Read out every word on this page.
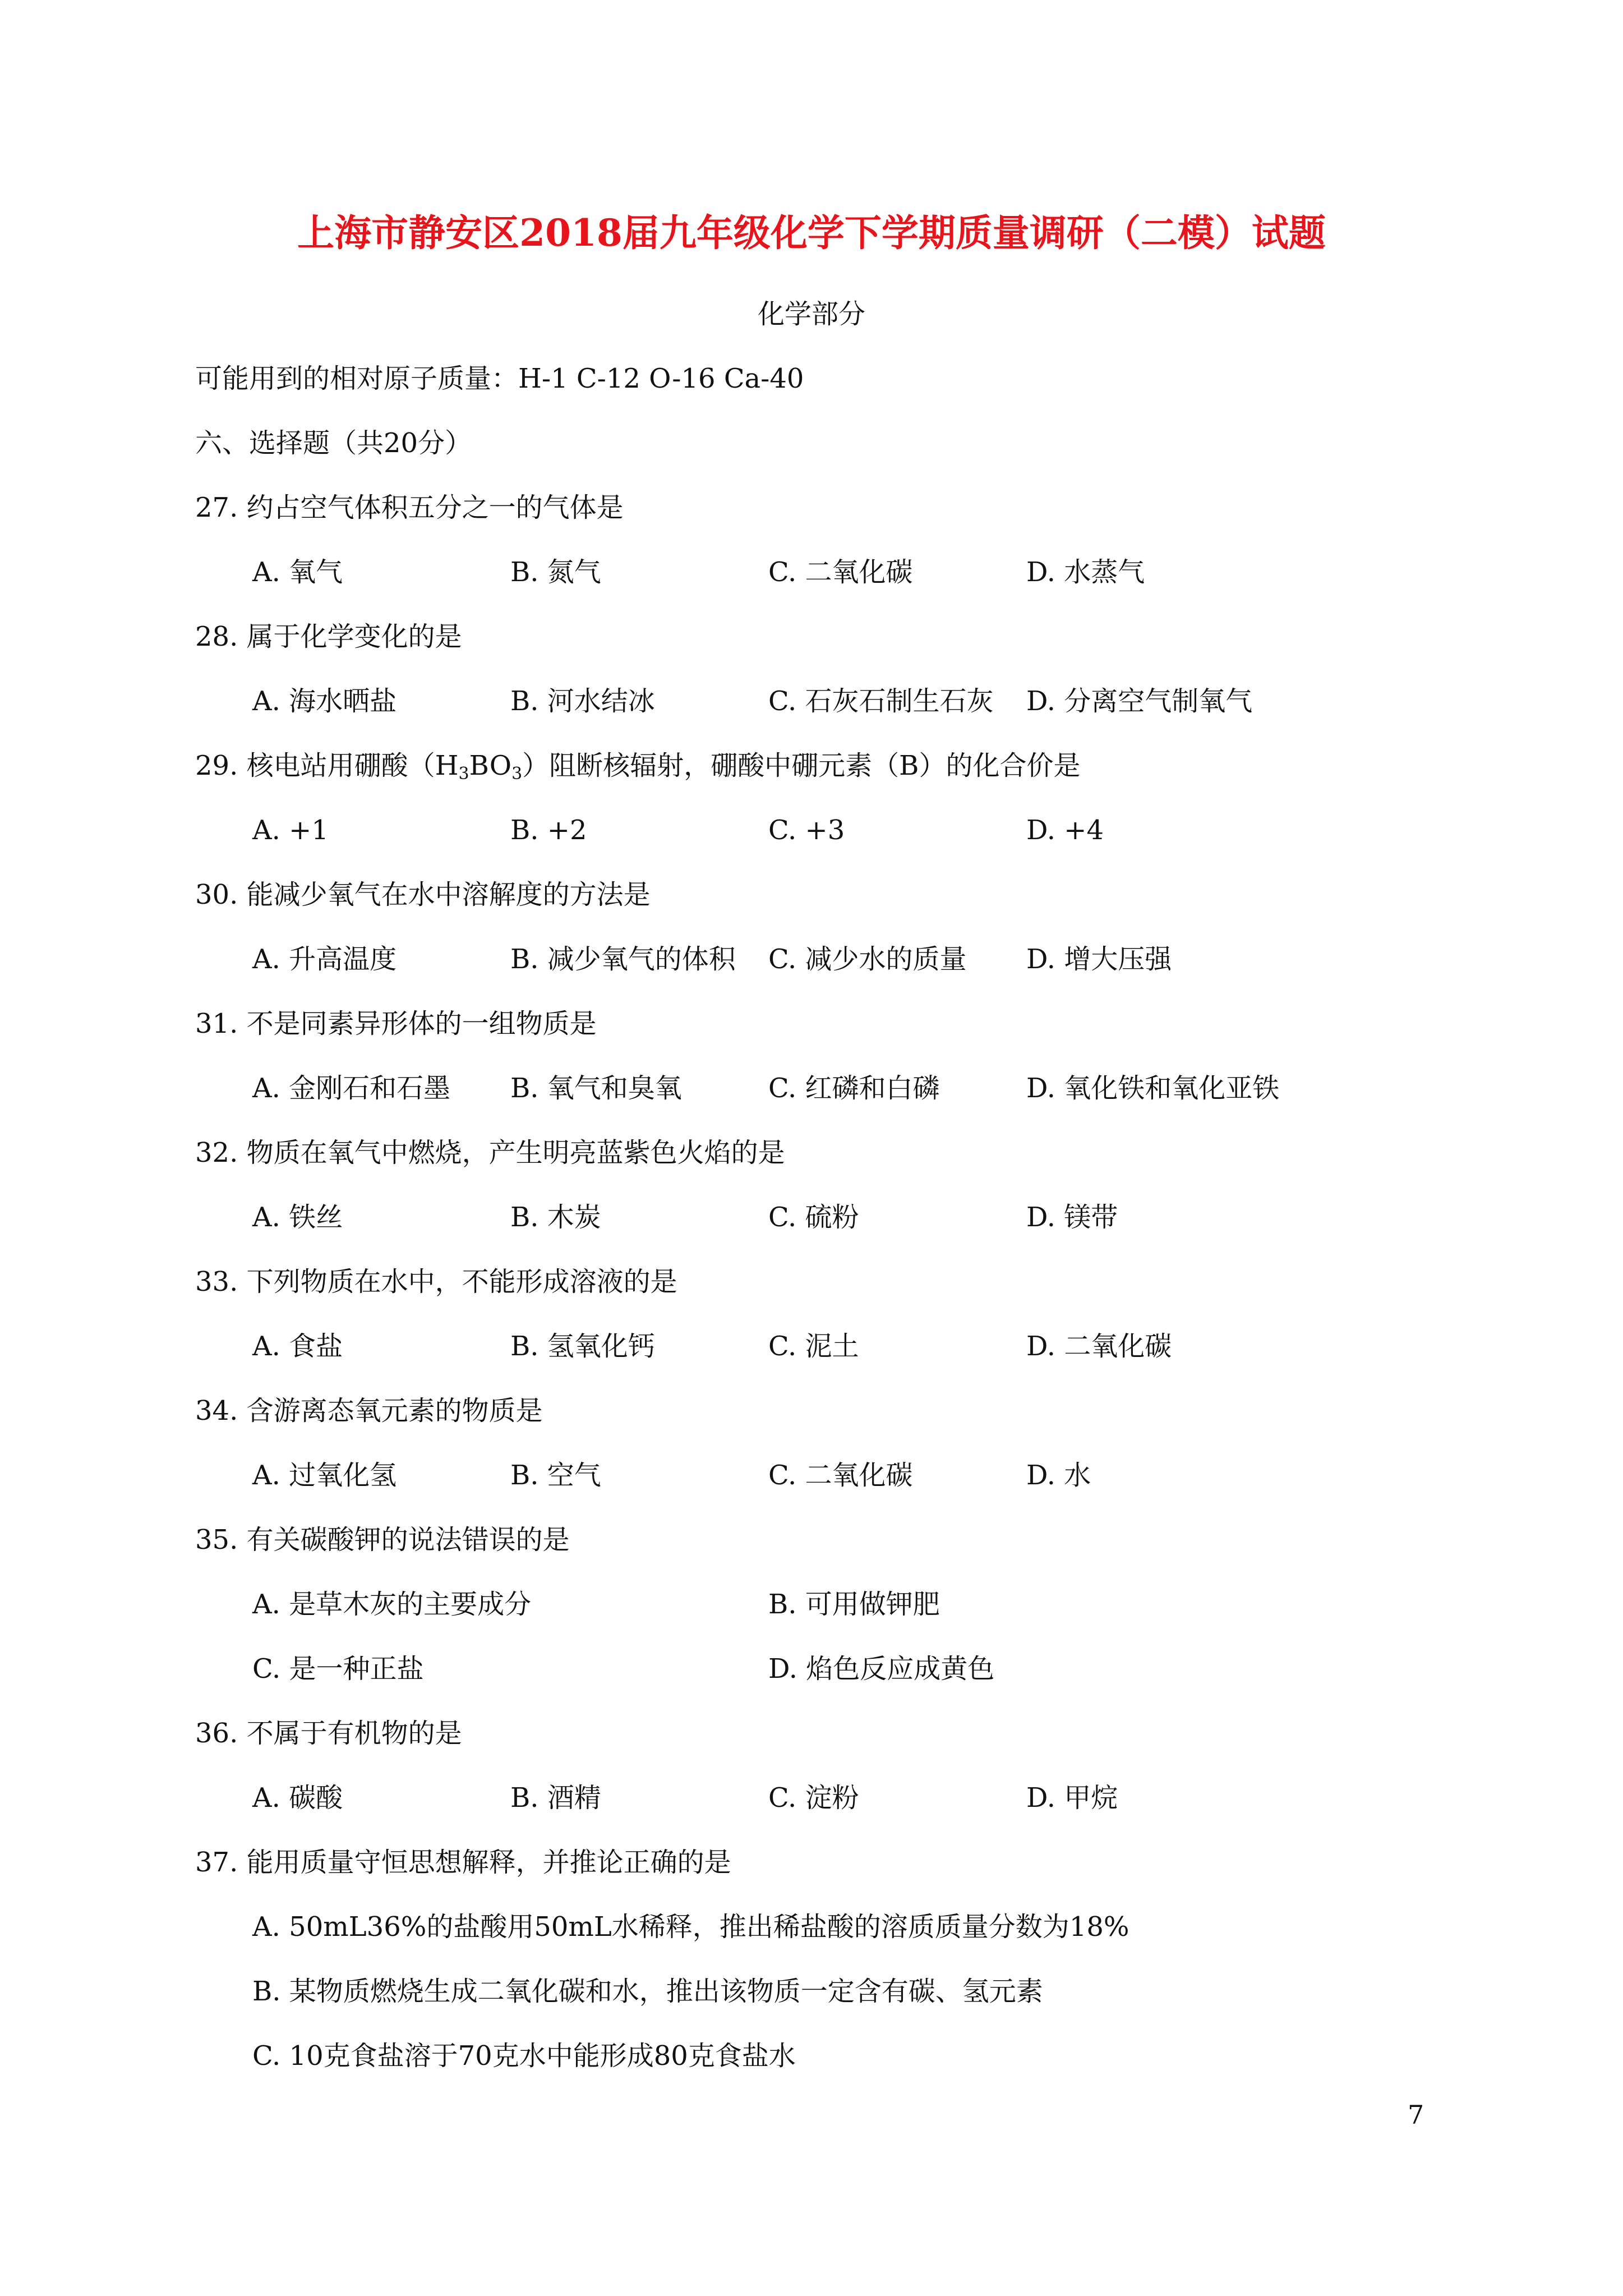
上海市静安区2018届九年级化学下学期质量调研（二模）试题
化学部分
可能用到的相对原子质量：H-1 C-12 O-16 Ca-40
六、选择题（共20分）
27. 约占空气体积五分之一的气体是
A. 氧气	B. 氮气	C. 二氧化碳	D. 水蒸气
28. 属于化学变化的是
A. 海水晒盐	B. 河水结冰	C. 石灰石制生石灰 D. 分离空气制氧气
29. 核电站用硼酸$(H_3BO_3)$阻断核辐射，硼酸中硼元素（B）的化合价是
A. +1	B. +2	C. +3	D. +4
30. 能减少氧气在水中溶解度的方法是
A. 升高温度	B. 减少氧气的体积 C. 减少水的质量 D. 增大压强
31. 不是同素异形体的一组物质是
A. 金刚石和石墨 B. 氧气和臭氧	C. 红磷和白磷	D. 氧化铁和氧化亚铁
32. 物质在氧气中燃烧，产生明亮蓝紫色火焰的是
A. 铁丝	B. 木炭	C. 硫粉	D. 镁带
33. 下列物质在水中，不能形成溶液的是
A. 食盐	B. 氢氧化钙	C. 泥土	D. 二氧化碳
34. 含游离态氧元素的物质是
A. 过氧化氢	B. 空气	C. 二氧化碳	D. 水
35. 有关碳酸钾的说法错误的是
A. 是草木灰的主要成分	B. 可用做钾肥
C. 是一种正盐	D. 焰色反应成黄色
36. 不属于有机物的是
A. 碳酸	B. 酒精	C. 淀粉	D. 甲烷
37. 能用质量守恒思想解释，并推论正确的是
A. 50mL36%的盐酸用50mL水稀释，推出稀盐酸的溶质质量分数为18%
B. 某物质燃烧生成二氧化碳和水，推出该物质一定含有碳、氢元素
C. 10克食盐溶于70克水中能形成80克食盐水
7
